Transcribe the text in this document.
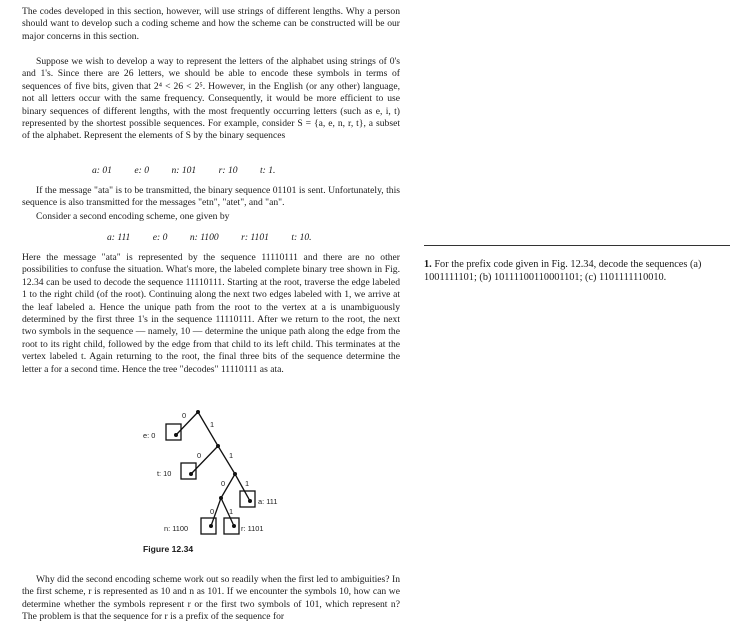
The codes developed in this section, however, will use strings of different lengths. Why a person should want to develop such a coding scheme and how the scheme can be constructed will be our major concerns in this section.

Suppose we wish to develop a way to represent the letters of the alphabet using strings of 0's and 1's. Since there are 26 letters, we should be able to encode these symbols in terms of sequences of five bits, given that 2⁴ < 26 < 2⁵. However, in the English (or any other) language, not all letters occur with the same frequency. Consequently, it would be more efficient to use binary sequences of different lengths, with the most frequently occurring letters (such as e, i, t) represented by the shortest possible sequences. For example, consider S = {a, e, n, r, t}, a subset of the alphabet. Represent the elements of S by the binary sequences

a: 01 e: 0 n: 101 r: 10 t: 1.

If the message "ata" is to be transmitted, the binary sequence 01101 is sent. Unfortunately, this sequence is also transmitted for the messages "etn", "atet", and "an".

Consider a second encoding scheme, one given by

a: 111 e: 0 n: 1100 r: 1101 t: 10.

Here the message "ata" is represented by the sequence 11110111 and there are no other possibilities to confuse the situation. What's more, the labeled complete binary tree shown in Fig. 12.34 can be used to decode the sequence 11110111. Starting at the root, traverse the edge labeled 1 to the right child (of the root). Continuing along the next two edges labeled with 1, we arrive at the leaf labeled a. Hence the unique path from the root to the vertex at a is unambiguously determined by the first three 1's in the sequence 11110111. After we return to the root, the next two symbols in the sequence — namely, 10 — determine the unique path along the edge from the root to its right child, followed by the edge from that child to its left child. This terminates at the vertex labeled t. Again returning to the root, the final three bits of the sequence determine the letter a for a second time. Hence the tree "decodes" 11110111 as ata.

0
1
0	1
0	1
0 1
e: 0
t: 10
a: 111
n: 1100	r: 1101
Figure 12.34

Why did the second encoding scheme work out so readily when the first led to ambiguities? In the first scheme, r is represented as 10 and n as 101. If we encounter the symbols 10, how can we determine whether the symbols represent r or the first two symbols of 101, which represent n? The problem is that the sequence for r is a prefix of the sequence for

1. For the prefix code given in Fig. 12.34, decode the sequences (a) 1001111101; (b) 10111100110001101; (c) 1101111110010.
